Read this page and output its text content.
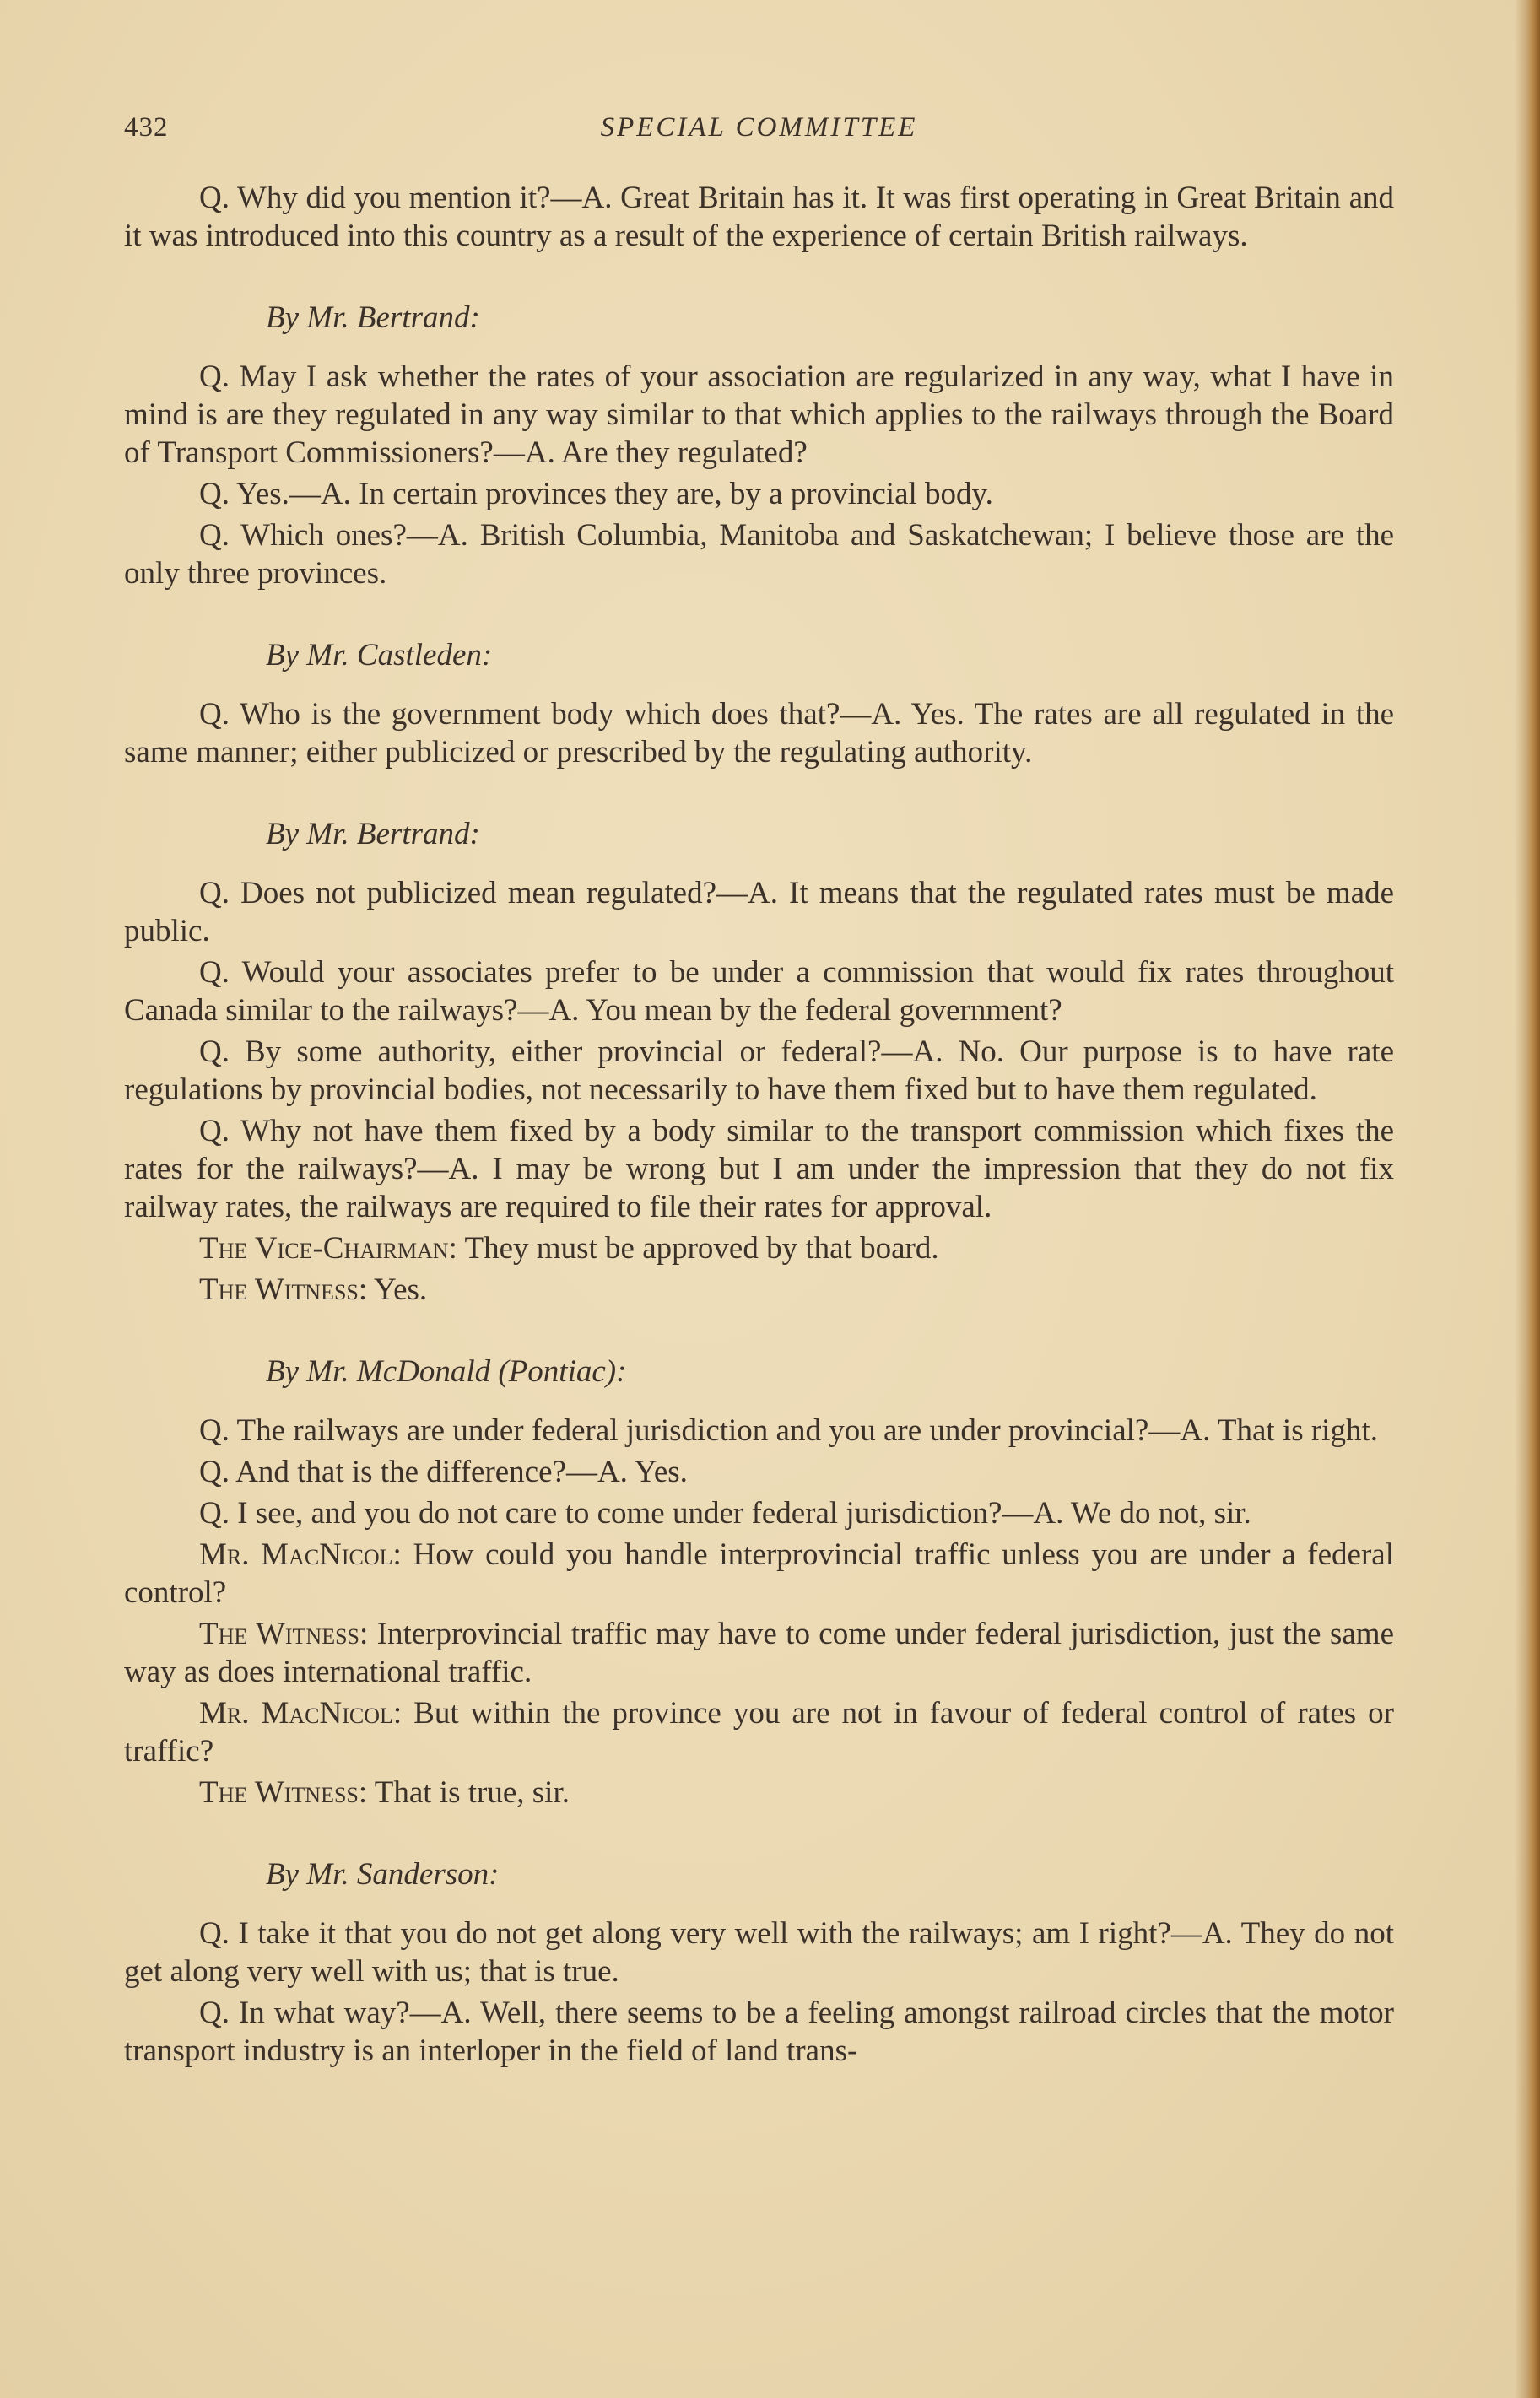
432	SPECIAL COMMITTEE

Q. Why did you mention it?—A. Great Britain has it. It was first operating in Great Britain and it was introduced into this country as a result of the experience of certain British railways.

By Mr. Bertrand:

Q. May I ask whether the rates of your association are regularized in any way, what I have in mind is are they regulated in any way similar to that which applies to the railways through the Board of Transport Commissioners?—A. Are they regulated?

Q. Yes.—A. In certain provinces they are, by a provincial body.

Q. Which ones?—A. British Columbia, Manitoba and Saskatchewan; I believe those are the only three provinces.

By Mr. Castleden:

Q. Who is the government body which does that?—A. Yes. The rates are all regulated in the same manner; either publicized or prescribed by the regulating authority.

By Mr. Bertrand:

Q. Does not publicized mean regulated?—A. It means that the regulated rates must be made public.

Q. Would your associates prefer to be under a commission that would fix rates throughout Canada similar to the railways?—A. You mean by the federal government?

Q. By some authority, either provincial or federal?—A. No. Our purpose is to have rate regulations by provincial bodies, not necessarily to have them fixed but to have them regulated.

Q. Why not have them fixed by a body similar to the transport commission which fixes the rates for the railways?—A. I may be wrong but I am under the impression that they do not fix railway rates, the railways are required to file their rates for approval.

The Vice-Chairman: They must be approved by that board.

The Witness: Yes.

By Mr. McDonald (Pontiac):

Q. The railways are under federal jurisdiction and you are under provincial?—A. That is right.

Q. And that is the difference?—A. Yes.

Q. I see, and you do not care to come under federal jurisdiction?—A. We do not, sir.

Mr. MacNicol: How could you handle interprovincial traffic unless you are under a federal control?

The Witness: Interprovincial traffic may have to come under federal jurisdiction, just the same way as does international traffic.

Mr. MacNicol: But within the province you are not in favour of federal control of rates or traffic?

The Witness: That is true, sir.

By Mr. Sanderson:

Q. I take it that you do not get along very well with the railways; am I right?—A. They do not get along very well with us; that is true.

Q. In what way?—A. Well, there seems to be a feeling amongst railroad circles that the motor transport industry is an interloper in the field of land trans-
